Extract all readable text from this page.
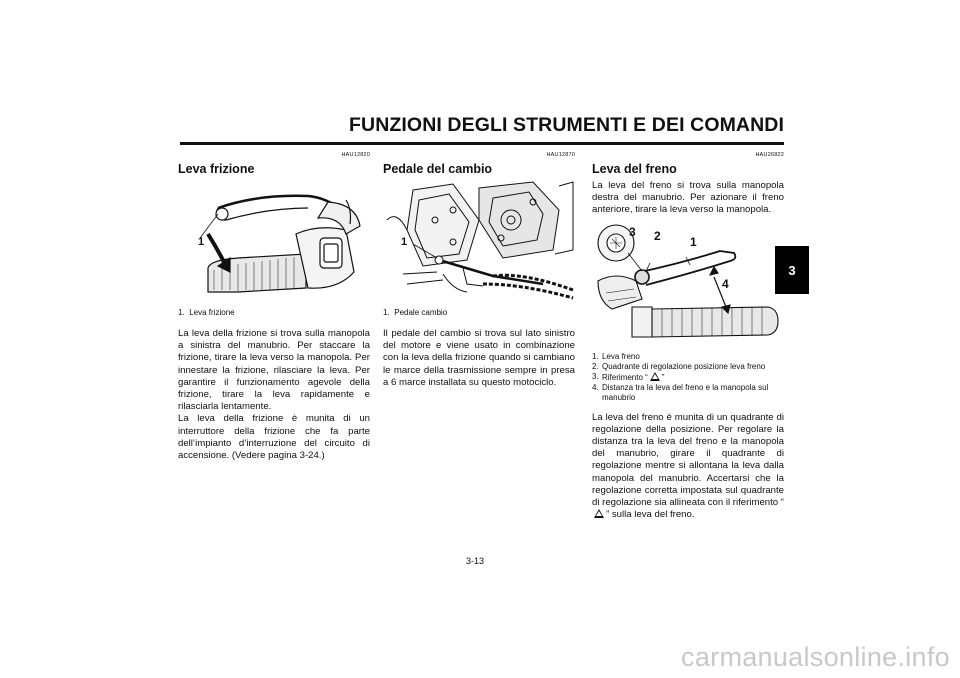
FUNZIONI DEGLI STRUMENTI E DEI COMANDI
3
HAU12820
Leva frizione
1
1. Leva frizione

La leva della frizione si trova sulla manopola a sinistra del manubrio. Per staccare la frizione, tirare la leva verso la manopola. Per innestare la frizione, rilasciare la leva. Per garantire il funzionamento agevole della frizione, tirare la leva rapidamente e rilasciarla lentamente.

La leva della frizione è munita di un interruttore della frizione che fa parte dell’impianto d’interruzione del circuito di accensione. (Vedere pagina 3-24.)

HAU12870
Pedale del cambio
1
1. Pedale cambio

Il pedale del cambio si trova sul lato sinistro del motore e viene usato in combinazione con la leva della frizione quando si cambiano le marce della trasmissione sempre in presa a 6 marce installata su questo motociclo.

HAU26822
Leva del freno

La leva del freno si trova sulla manopola destra del manubrio. Per azionare il freno anteriore, tirare la leva verso la manopola.

3 2 1
4
1. Leva freno
2. Quadrante di regolazione posizione leva freno
3. Riferimento “ ”
4. Distanza tra la leva del freno e la manopola sul manubrio

La leva del freno è munita di un quadrante di regolazione della posizione. Per regolare la distanza tra la leva del freno e la manopola del manubrio, girare il quadrante di regolazione mentre si allontana la leva dalla manopola del manubrio. Accertarsi che la regolazione corretta impostata sul quadrante di regolazione sia allineata con il riferimento “” sulla leva del freno.

3-13
carmanualsonline.info
